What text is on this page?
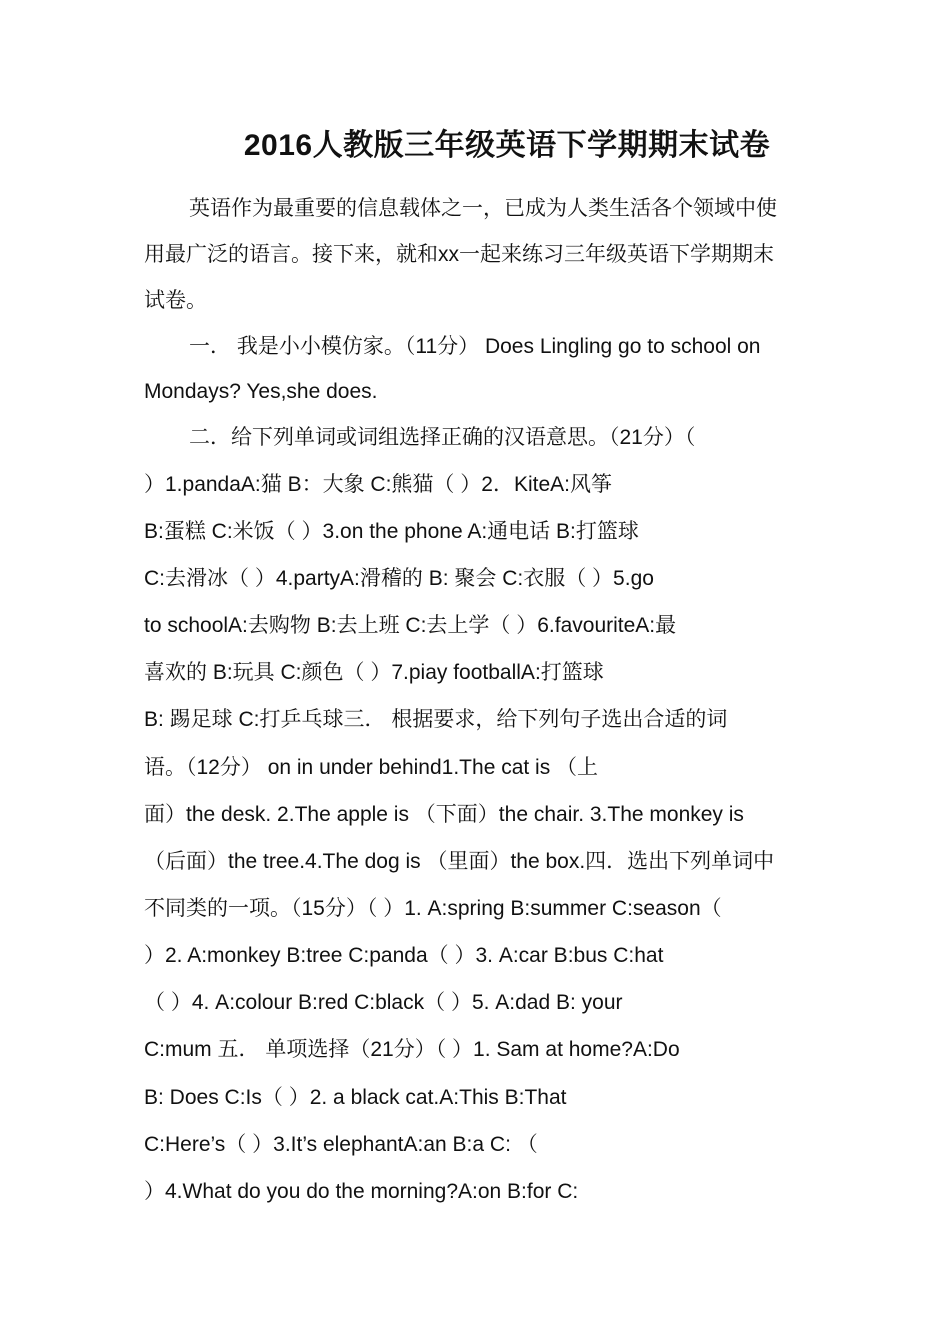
2016人教版三年级英语下学期期末试卷
英语作为最重要的信息载体之一，已成为人类生活各个领域中使
用最广泛的语言。接下来，就和xx一起来练习三年级英语下学期期末
试卷。
一． 我是小小模仿家。（11分） Does Lingling go to school on
Mondays? Yes,she does.
二．给下列单词或词组选择正确的汉语意思。（21分）（
）1.pandaA:猫 B：大象 C:熊猫（ ）2．KiteA:风筝
B:蛋糕 C:米饭（ ）3.on the phone A:通电话 B:打篮球
C:去滑冰（ ）4.partyA:滑稽的 B: 聚会 C:衣服（ ）5.go
to schoolA:去购物 B:去上班 C:去上学（ ）6.favouriteA:最
喜欢的 B:玩具 C:颜色（ ）7.piay footballA:打篮球
B: 踢足球 C:打乒乓球三． 根据要求，给下列句子选出合适的词
语。（12分） on in under behind1.The cat is （上
面）the desk. 2.The apple is （下面）the chair. 3.The monkey is
（后面）the tree.4.The dog is （里面）the box.四．选出下列单词中
不同类的一项。（15分）（ ）1. A:spring B:summer C:season（
）2. A:monkey B:tree C:panda（ ）3. A:car B:bus C:hat
（ ）4. A:colour B:red C:black（ ）5. A:dad B: your
C:mum 五． 单项选择（21分）（ ）1. Sam at home?A:Do
B: Does C:Is（ ）2. a black cat.A:This B:That
C:Here’s（ ）3.It’s elephantA:an B:a C: （
）4.What do you do the morning?A:on B:for C:
